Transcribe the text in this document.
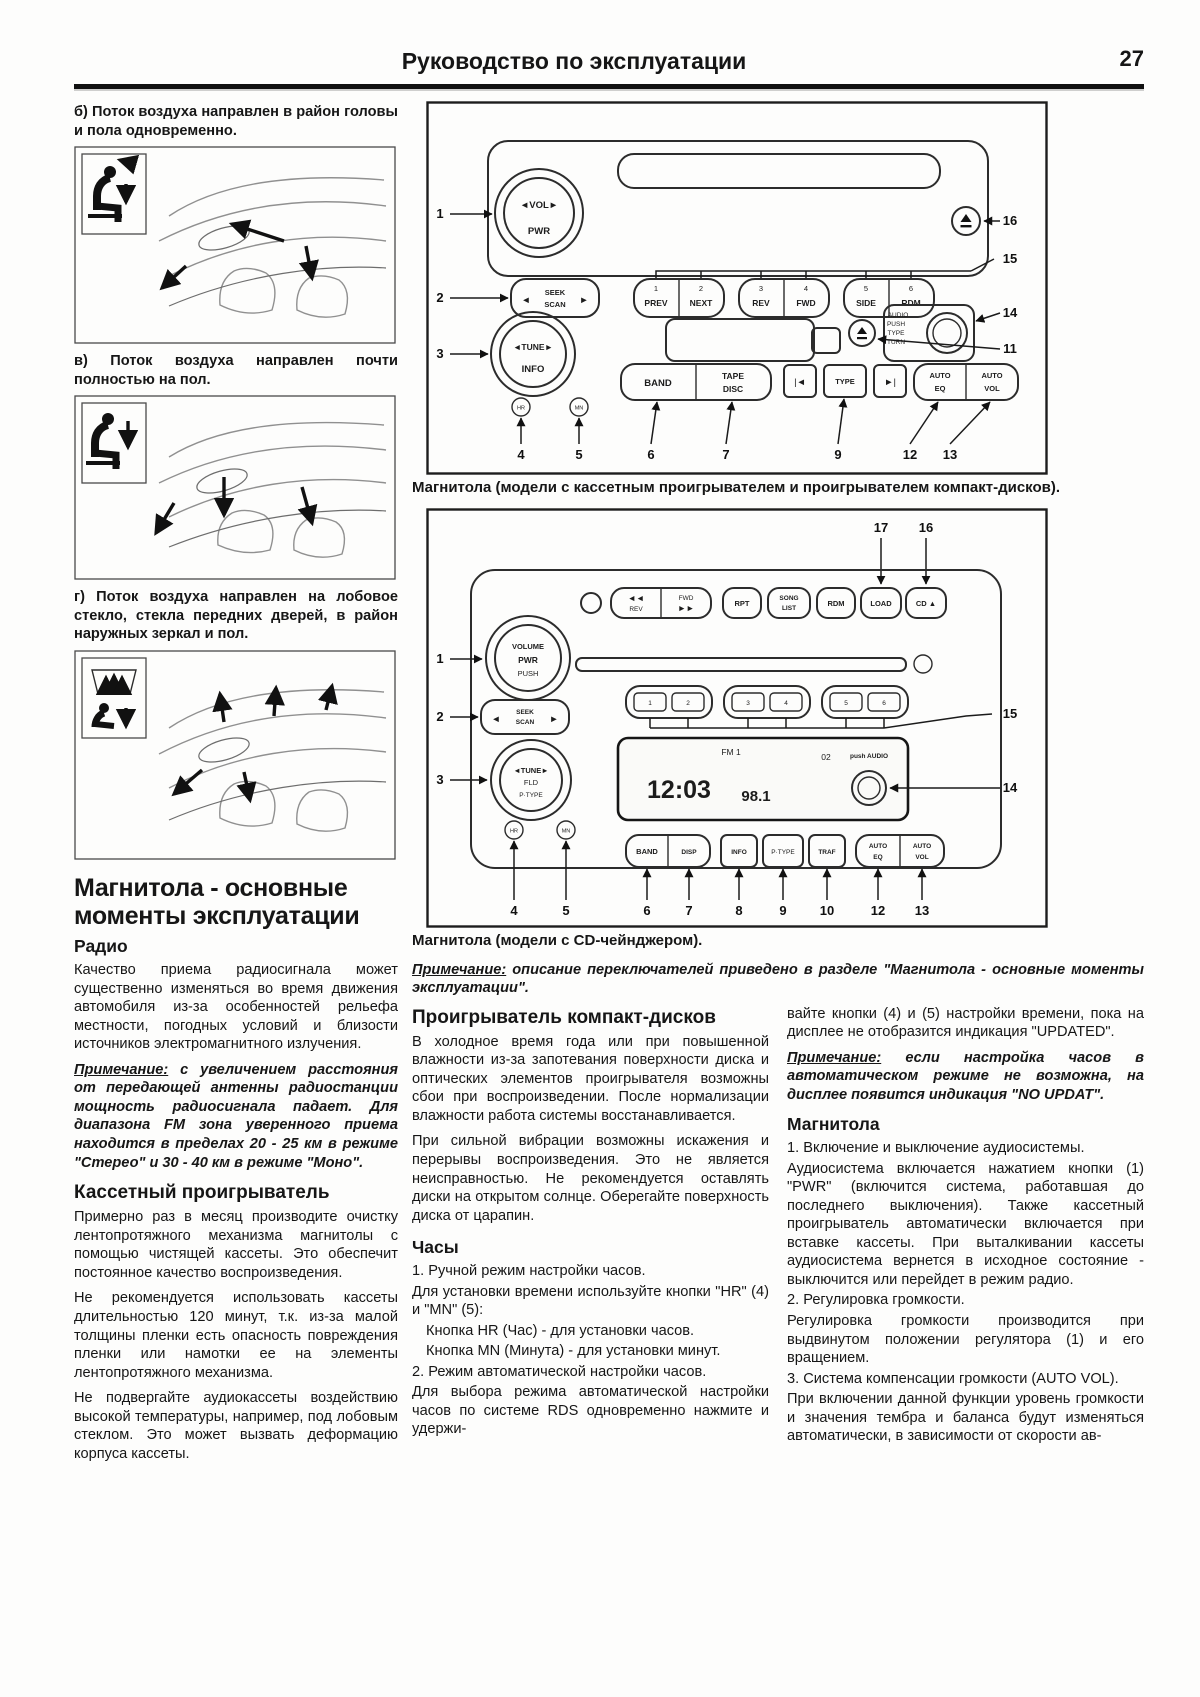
Руководство по эксплуатации	27

б) Поток воздуха направлен в район головы и пола одновременно.

в) Поток воздуха направлен почти полностью на пол.

г) Поток воздуха направлен на лобовое стекло, стекла передних дверей, в район наружных зеркал и пол.

Магнитола - основные моменты эксплуатации
Радио

Качество приема радиосигнала может существенно изменяться во время движения автомобиля из-за особенностей рельефа местности, погодных условий и близости источников электромагнитного излучения.

Примечание: с увеличением расстояния от передающей антенны радиостанции мощность радиосигнала падает. Для диапазона FM зона уверенного приема находится в пределах 20 - 25 км в режиме "Стерео" и 30 - 40 км в режиме "Моно".

Кассетный проигрыватель

Примерно раз в месяц производите очистку лентопротяжного механизма магнитолы с помощью чистящей кассеты. Это обеспечит постоянное качество воспроизведения.

Не рекомендуется использовать кассеты длительностью 120 минут, т.к. из-за малой толщины пленки есть опасность повреждения пленки или намотки ее на элементы лентопротяжного механизма.

Не подвергайте аудиокассеты воздействию высокой температуры, например, под лобовым стеклом. Это может вызвать деформацию корпуса кассеты.

◄VOL►
PWR
◄
SEEK
SCAN ►
1
PREV
2
NEXT
3
REV
4
FWD
5
SIDE
6
RDM
◄TUNE►
INFO
HR	MN
AUDIO
PUSH
TYPE
TURN
BAND
TAPE
DISC
|◄	TYPE	►|
AUTO
EQ
AUTO
VOL
1
2
3
16
15
14
11
4	5	6	7	9	12 13

Магнитола (модели с кассетным проигрывателем и проигрывателем компакт-дисков).

17 16
VOLUME
PWR
PUSH
◄◄
REV
FWD
►►	RPT
SONG
LIST
RDM	LOAD	CD ▲
1	2	3	4	5	6
◄
SEEK
SCAN ►
◄TUNE►
FLD
P·TYPE
FM 1
12:03 98.1
02	push AUDIO
HR	MN
BAND	DISP	INFO	P·TYPE	TRAF
AUTO
EQ
AUTO
VOL
1
2
3
15
14
4	5	6	7	8	9	10	12 13

Магнитола (модели с CD-чейнджером).

Примечание: описание переключателей приведено в разделе "Магнитола - основные моменты эксплуатации".

Проигрыватель компакт-дисков

В холодное время года или при повышенной влажности из-за запотевания поверхности диска и оптических элементов проигрывателя возможны сбои при воспроизведении. После нормализации влажности работа системы восстанавливается.

При сильной вибрации возможны искажения и перерывы воспроизведения. Это не является неисправностью. Не рекомендуется оставлять диски на открытом солнце. Оберегайте поверхность диска от царапин.

Часы

1. Ручной режим настройки часов.

Для установки времени используйте кнопки "HR" (4) и "MN" (5):

Кнопка HR (Час) - для установки часов.

Кнопка MN (Минута) - для установки минут.

2. Режим автоматической настройки часов.

Для выбора режима автоматической настройки часов по системе RDS одновременно нажмите и удержи-

вайте кнопки (4) и (5) настройки времени, пока на дисплее не отобразится индикация "UPDATED".

Примечание: если настройка часов в автоматическом режиме не возможна, на дисплее появится индикация "NO UPDAT".

Магнитола

1. Включение и выключение аудиосистемы.

Аудиосистема включается нажатием кнопки (1) "PWR" (включится система, работавшая до последнего выключения). Также кассетный проигрыватель автоматически включается при вставке кассеты. При выталкивании кассеты аудиосистема вернется в исходное состояние - выключится или перейдет в режим радио.

2. Регулировка громкости.

Регулировка громкости производится при выдвинутом положении регулятора (1) и его вращением.

3. Система компенсации громкости (AUTO VOL).

При включении данной функции уровень громкости и значения тембра и баланса будут изменяться автоматически, в зависимости от скорости ав-
